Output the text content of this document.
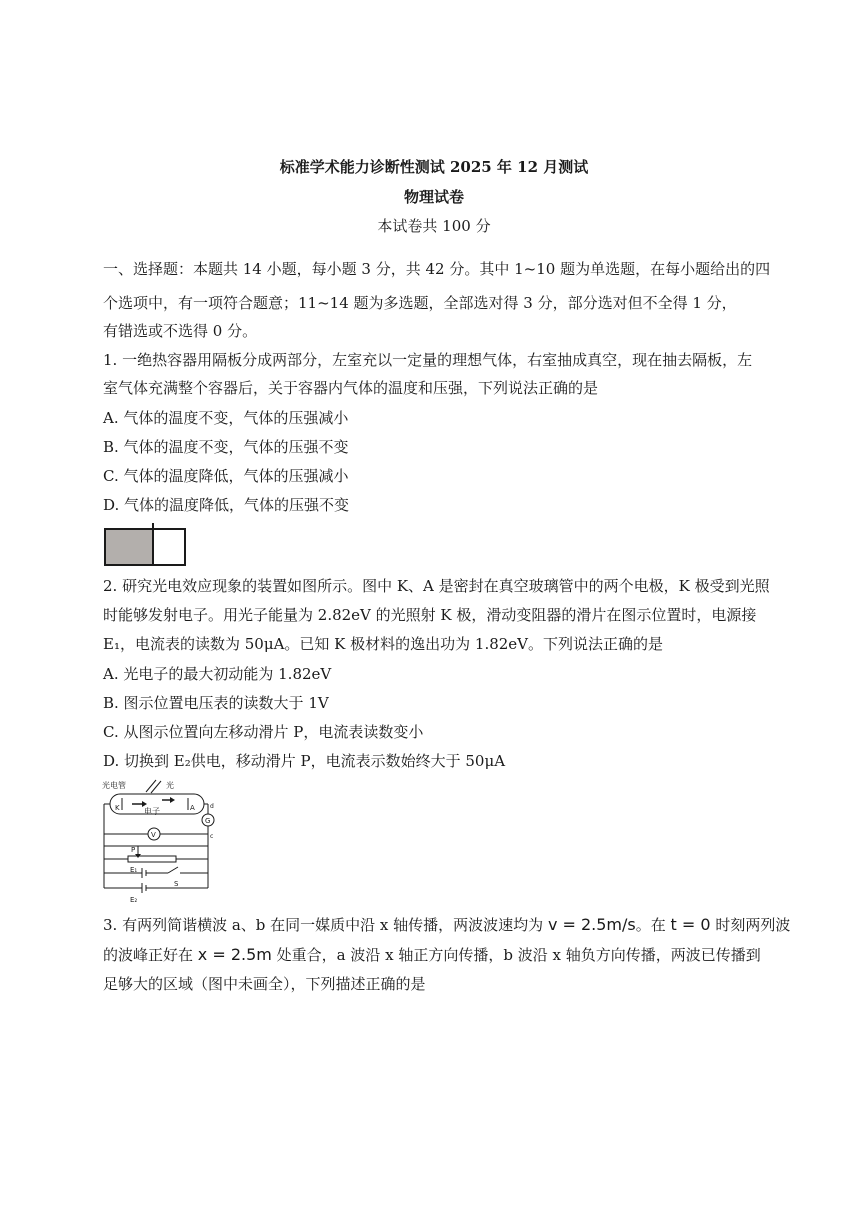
标准学术能力诊断性测试 2025 年 12 月测试
物理试卷
本试卷共 100 分
一、选择题：本题共 14 小题，每小题 3 分，共 42 分。其中 1~10 题为单选题，在每小题给出的四
个选项中，有一项符合题意；11~14 题为多选题，全部选对得 3 分，部分选对但不全得 1 分，
有错选或不选得 0 分。
1. 一绝热容器用隔板分成两部分，左室充以一定量的理想气体，右室抽成真空，现在抽去隔板，左
室气体充满整个容器后，关于容器内气体的温度和压强，下列说法正确的是
A. 气体的温度不变，气体的压强减小
B. 气体的温度不变，气体的压强不变
C. 气体的温度降低，气体的压强减小
D. 气体的温度降低，气体的压强不变
2. 研究光电效应现象的装置如图所示。图中 K、A 是密封在真空玻璃管中的两个电极，K 极受到光照
时能够发射电子。用光子能量为 2.82eV 的光照射 K 极，滑动变阻器的滑片在图示位置时，电源接
E₁，电流表的读数为 50μA。已知 K 极材料的逸出功为 1.82eV。下列说法正确的是
A. 光电子的最大初动能为 1.82eV
B. 图示位置电压表的读数大于 1V
C. 从图示位置向左移动滑片 P，电流表读数变小
D. 切换到 E₂供电，移动滑片 P，电流表示数始终大于 50μA
光电管	光
电子
K	A	d
c
G
V
P
E₁
E₂
S
3. 有两列简谐横波 a、b 在同一媒质中沿 x 轴传播，两波波速均为 v = 2.5m/s。在 t = 0 时刻两列波
的波峰正好在 x = 2.5m 处重合，a 波沿 x 轴正方向传播，b 波沿 x 轴负方向传播，两波已传播到
足够大的区域（图中未画全），下列描述正确的是
